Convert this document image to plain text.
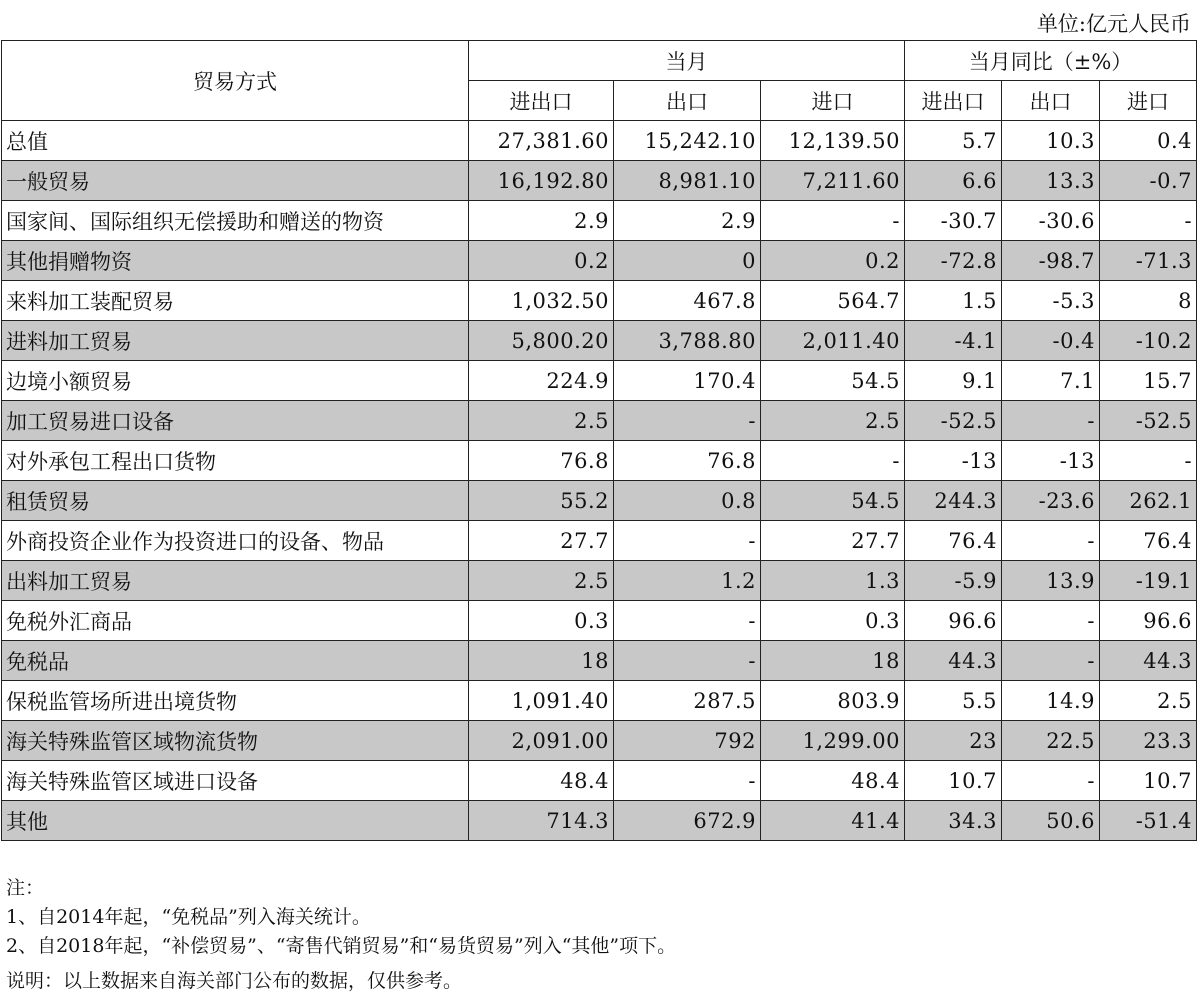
单位:亿元人民币
贸易方式	当月			当月同比（±%）		
	进出口	出口	进口	进出口	出口	进口
总值	27,381.60	15,242.10	12,139.50	5.7	10.3	0.4
一般贸易	16,192.80	8,981.10	7,211.60	6.6	13.3	-0.7
国家间、国际组织无偿援助和赠送的物资	2.9	2.9	-	-30.7	-30.6	-
其他捐赠物资	0.2	0	0.2	-72.8	-98.7	-71.3
来料加工装配贸易	1,032.50	467.8	564.7	1.5	-5.3	8
进料加工贸易	5,800.20	3,788.80	2,011.40	-4.1	-0.4	-10.2
边境小额贸易	224.9	170.4	54.5	9.1	7.1	15.7
加工贸易进口设备	2.5	-	2.5	-52.5	-	-52.5
对外承包工程出口货物	76.8	76.8	-	-13	-13	-
租赁贸易	55.2	0.8	54.5	244.3	-23.6	262.1
外商投资企业作为投资进口的设备、物品	27.7	-	27.7	76.4	-	76.4
出料加工贸易	2.5	1.2	1.3	-5.9	13.9	-19.1
免税外汇商品	0.3	-	0.3	96.6	-	96.6
免税品	18	-	18	44.3	-	44.3
保税监管场所进出境货物	1,091.40	287.5	803.9	5.5	14.9	2.5
海关特殊监管区域物流货物	2,091.00	792	1,299.00	23	22.5	23.3
海关特殊监管区域进口设备	48.4	-	48.4	10.7	-	10.7
其他	714.3	672.9	41.4	34.3	50.6	-51.4
注：
1、自2014年起，“免税品”列入海关统计。
2、自2018年起，“补偿贸易”、“寄售代销贸易”和“易货贸易”列入“其他”项下。
说明：以上数据来自海关部门公布的数据，仅供参考。
